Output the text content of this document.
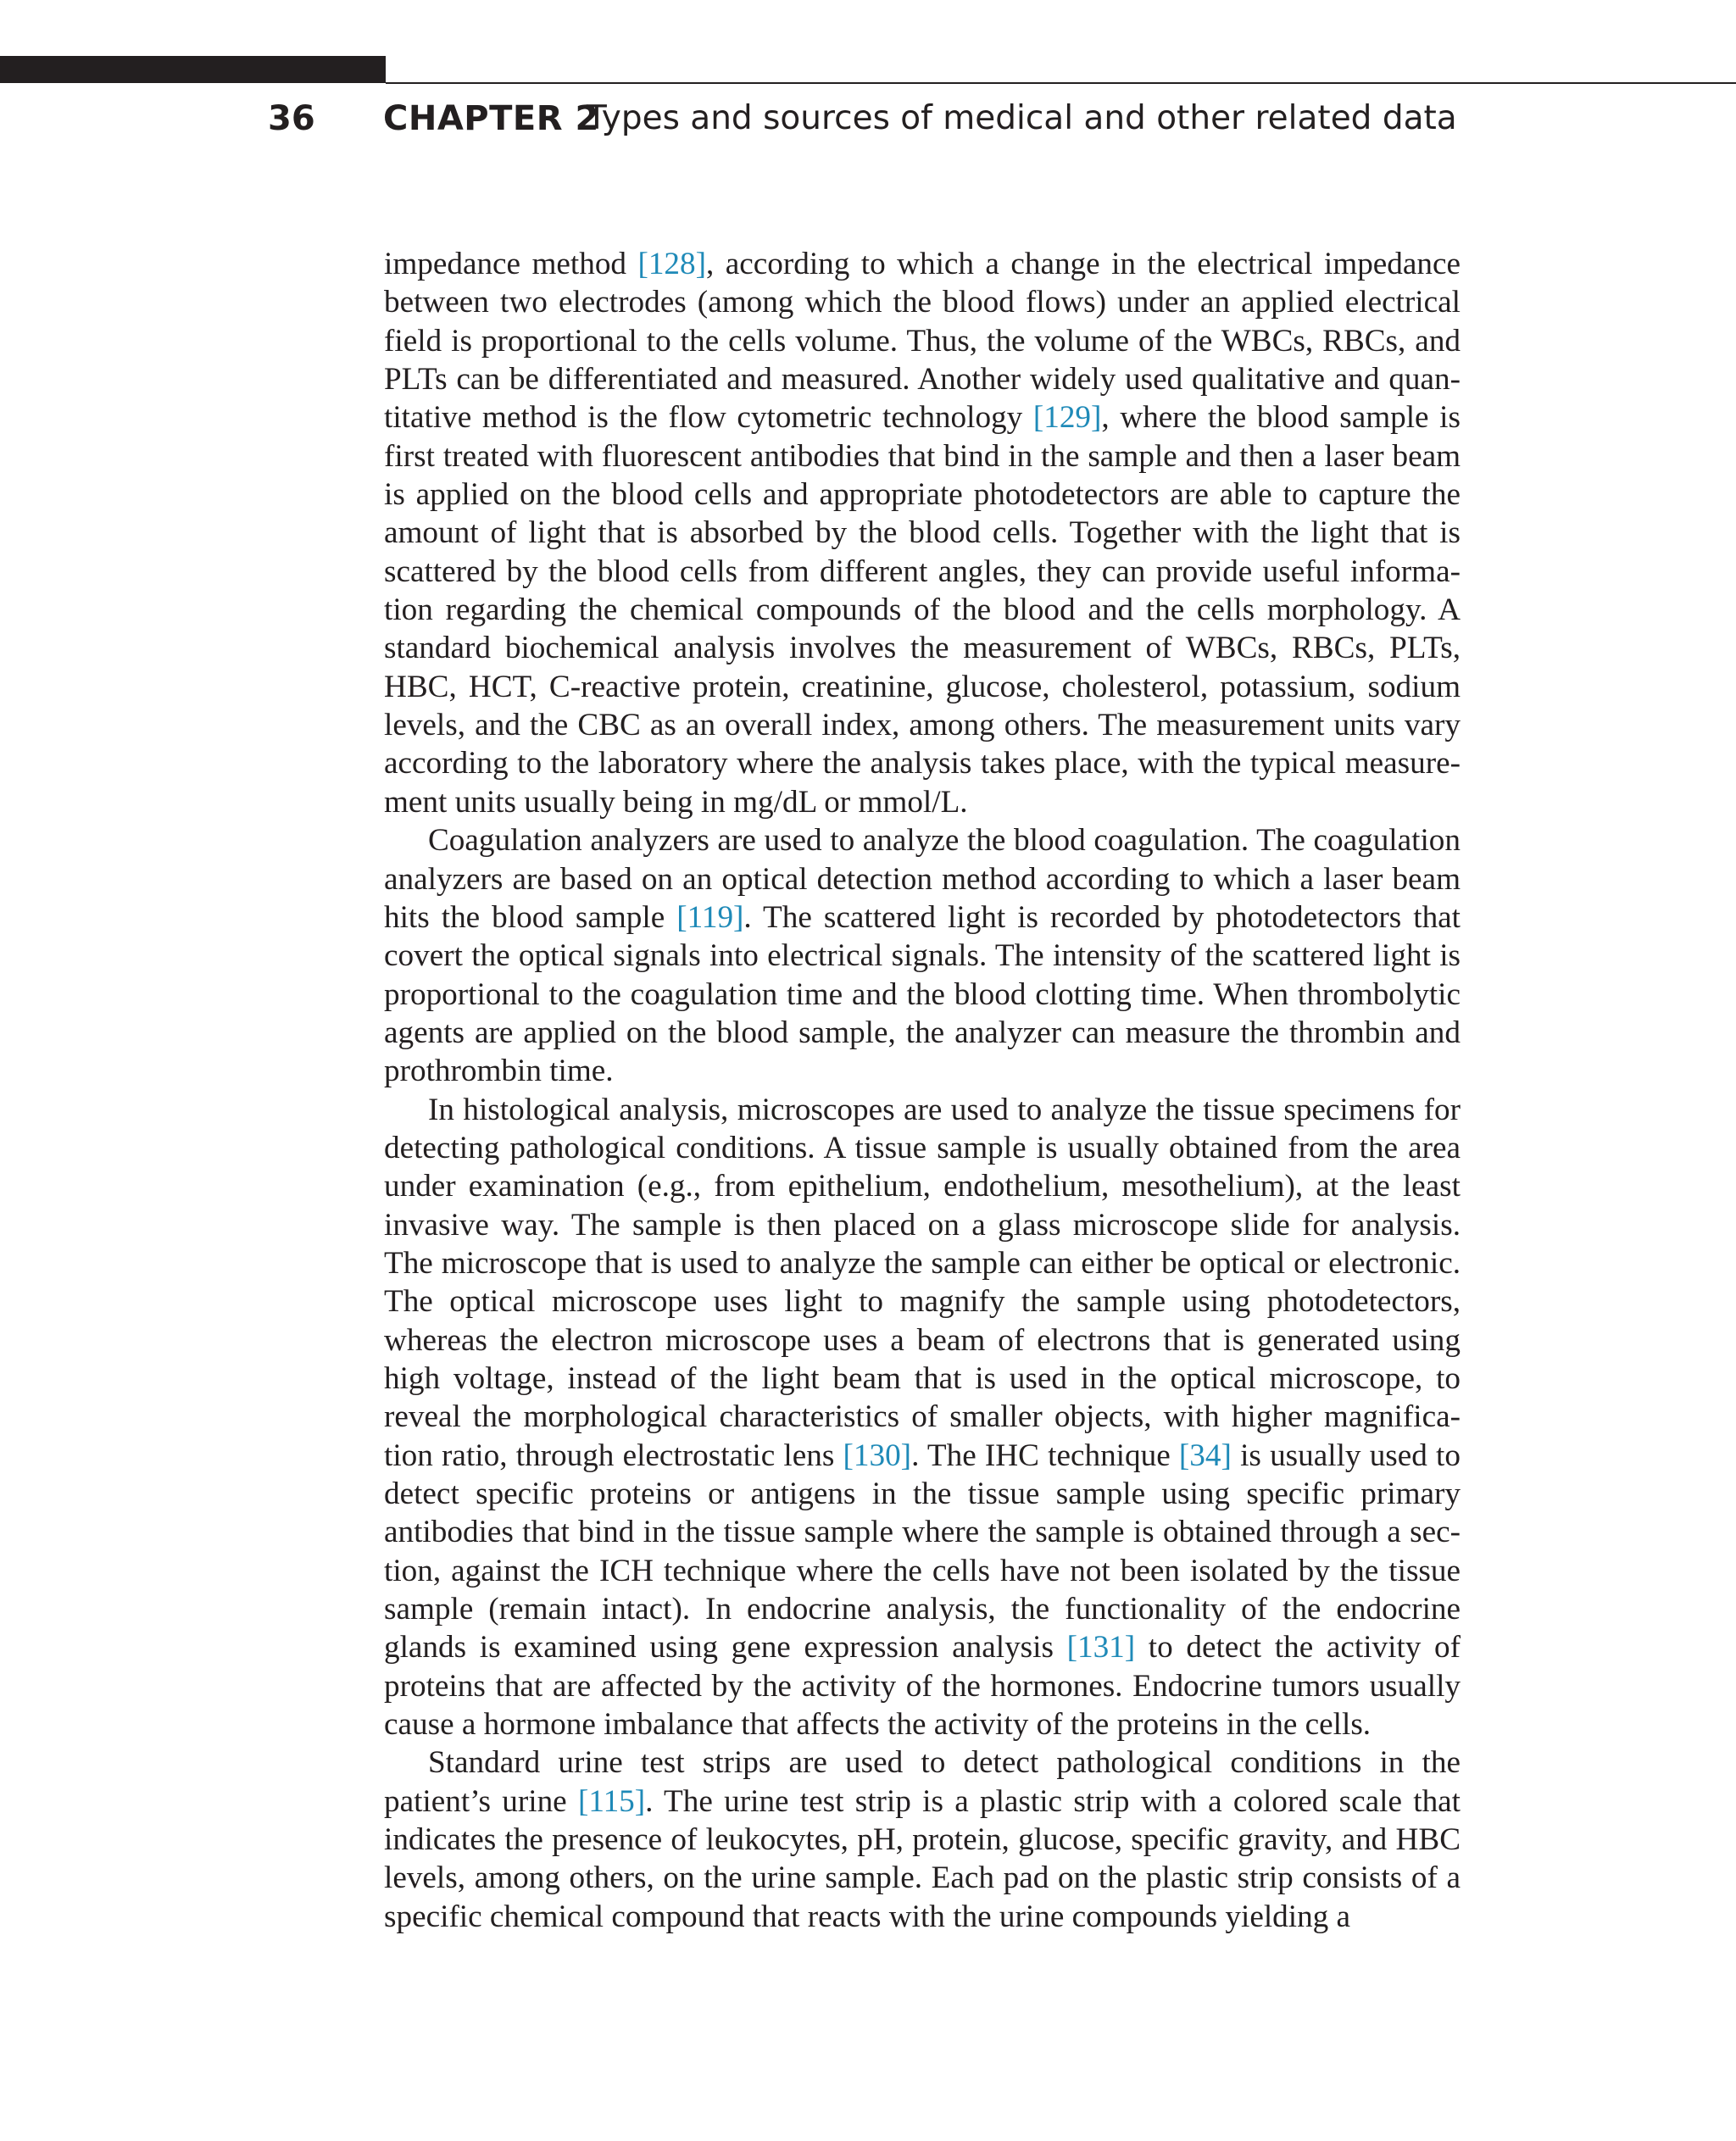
36 CHAPTER 2
Types and sources of medical and other related data

impedance method [128], according to which a change in the electrical impedance between two electrodes (among which the blood flows) under an applied electrical field is proportional to the cells volume. Thus, the volume of the WBCs, RBCs, and PLTs can be differentiated and measured. Another widely used qualitative and quantitative method is the flow cytometric technology [129], where the blood sample is first treated with fluorescent antibodies that bind in the sample and then a laser beam is applied on the blood cells and appropriate photodetectors are able to capture the amount of light that is absorbed by the blood cells. Together with the light that is scattered by the blood cells from different angles, they can provide useful information regarding the chemical compounds of the blood and the cells morphology. A standard biochemical analysis involves the measurement of WBCs, RBCs, PLTs, HBC, HCT, C-reactive protein, creatinine, glucose, cholesterol, potassium, sodium levels, and the CBC as an overall index, among others. The measurement units vary according to the laboratory where the analysis takes place, with the typical measurement units usually being in mg/dL or mmol/L.

Coagulation analyzers are used to analyze the blood coagulation. The coagulation analyzers are based on an optical detection method according to which a laser beam hits the blood sample [119]. The scattered light is recorded by photodetectors that covert the optical signals into electrical signals. The intensity of the scattered light is proportional to the coagulation time and the blood clotting time. When thrombolytic agents are applied on the blood sample, the analyzer can measure the thrombin and prothrombin time.

In histological analysis, microscopes are used to analyze the tissue specimens for detecting pathological conditions. A tissue sample is usually obtained from the area under examination (e.g., from epithelium, endothelium, mesothelium), at the least invasive way. The sample is then placed on a glass microscope slide for analysis. The microscope that is used to analyze the sample can either be optical or electronic. The optical microscope uses light to magnify the sample using photodetectors, whereas the electron microscope uses a beam of electrons that is generated using high voltage, instead of the light beam that is used in the optical microscope, to reveal the morphological characteristics of smaller objects, with higher magnification ratio, through electrostatic lens [130]. The IHC technique [34] is usually used to detect specific proteins or antigens in the tissue sample using specific primary antibodies that bind in the tissue sample where the sample is obtained through a section, against the ICH technique where the cells have not been isolated by the tissue sample (remain intact). In endocrine analysis, the functionality of the endocrine glands is examined using gene expression analysis [131] to detect the activity of proteins that are affected by the activity of the hormones. Endocrine tumors usually cause a hormone imbalance that affects the activity of the proteins in the cells.

Standard urine test strips are used to detect pathological conditions in the patient’s urine [115]. The urine test strip is a plastic strip with a colored scale that indicates the presence of leukocytes, pH, protein, glucose, specific gravity, and HBC levels, among others, on the urine sample. Each pad on the plastic strip consists of a specific chemical compound that reacts with the urine compounds yielding a
